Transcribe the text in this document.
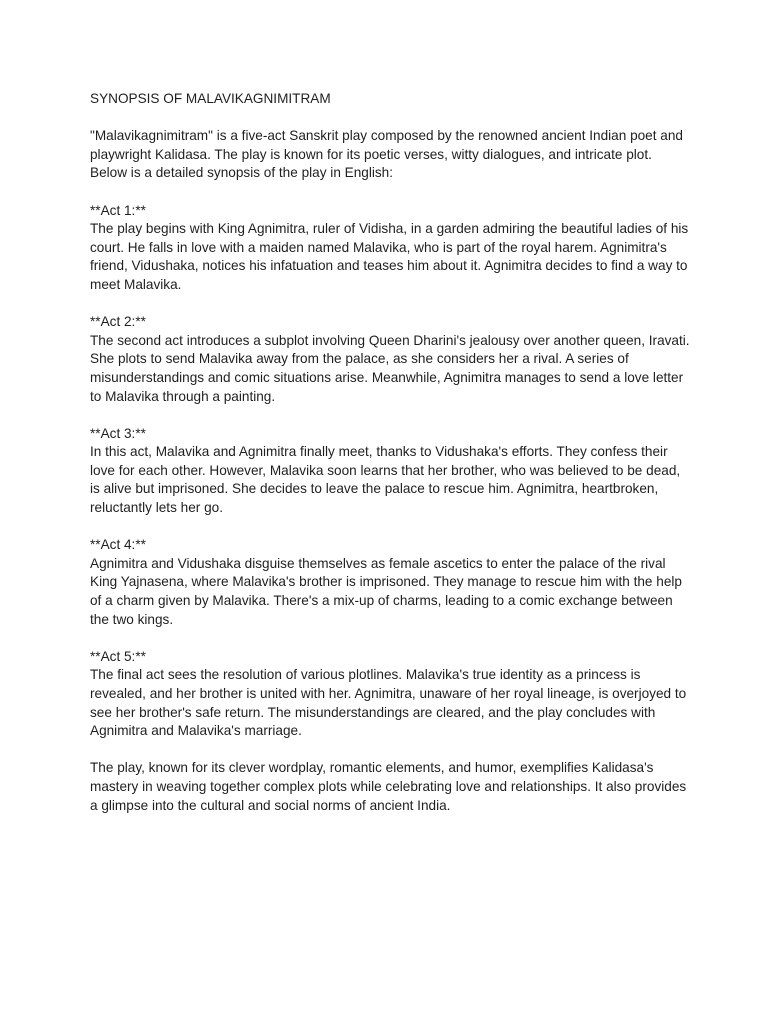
SYNOPSIS OF MALAVIKAGNIMITRAM

"Malavikagnimitram" is a five-act Sanskrit play composed by the renowned ancient Indian poet and playwright Kalidasa. The play is known for its poetic verses, witty dialogues, and intricate plot. Below is a detailed synopsis of the play in English:

**Act 1:**

The play begins with King Agnimitra, ruler of Vidisha, in a garden admiring the beautiful ladies of his court. He falls in love with a maiden named Malavika, who is part of the royal harem. Agnimitra's friend, Vidushaka, notices his infatuation and teases him about it. Agnimitra decides to find a way to meet Malavika.

**Act 2:**

The second act introduces a subplot involving Queen Dharini's jealousy over another queen, Iravati. She plots to send Malavika away from the palace, as she considers her a rival. A series of misunderstandings and comic situations arise. Meanwhile, Agnimitra manages to send a love letter to Malavika through a painting.

**Act 3:**

In this act, Malavika and Agnimitra finally meet, thanks to Vidushaka's efforts. They confess their love for each other. However, Malavika soon learns that her brother, who was believed to be dead, is alive but imprisoned. She decides to leave the palace to rescue him. Agnimitra, heartbroken, reluctantly lets her go.

**Act 4:**

Agnimitra and Vidushaka disguise themselves as female ascetics to enter the palace of the rival King Yajnasena, where Malavika's brother is imprisoned. They manage to rescue him with the help of a charm given by Malavika. There's a mix-up of charms, leading to a comic exchange between the two kings.

**Act 5:**

The final act sees the resolution of various plotlines. Malavika's true identity as a princess is revealed, and her brother is united with her. Agnimitra, unaware of her royal lineage, is overjoyed to see her brother's safe return. The misunderstandings are cleared, and the play concludes with Agnimitra and Malavika's marriage.

The play, known for its clever wordplay, romantic elements, and humor, exemplifies Kalidasa's mastery in weaving together complex plots while celebrating love and relationships. It also provides a glimpse into the cultural and social norms of ancient India.
